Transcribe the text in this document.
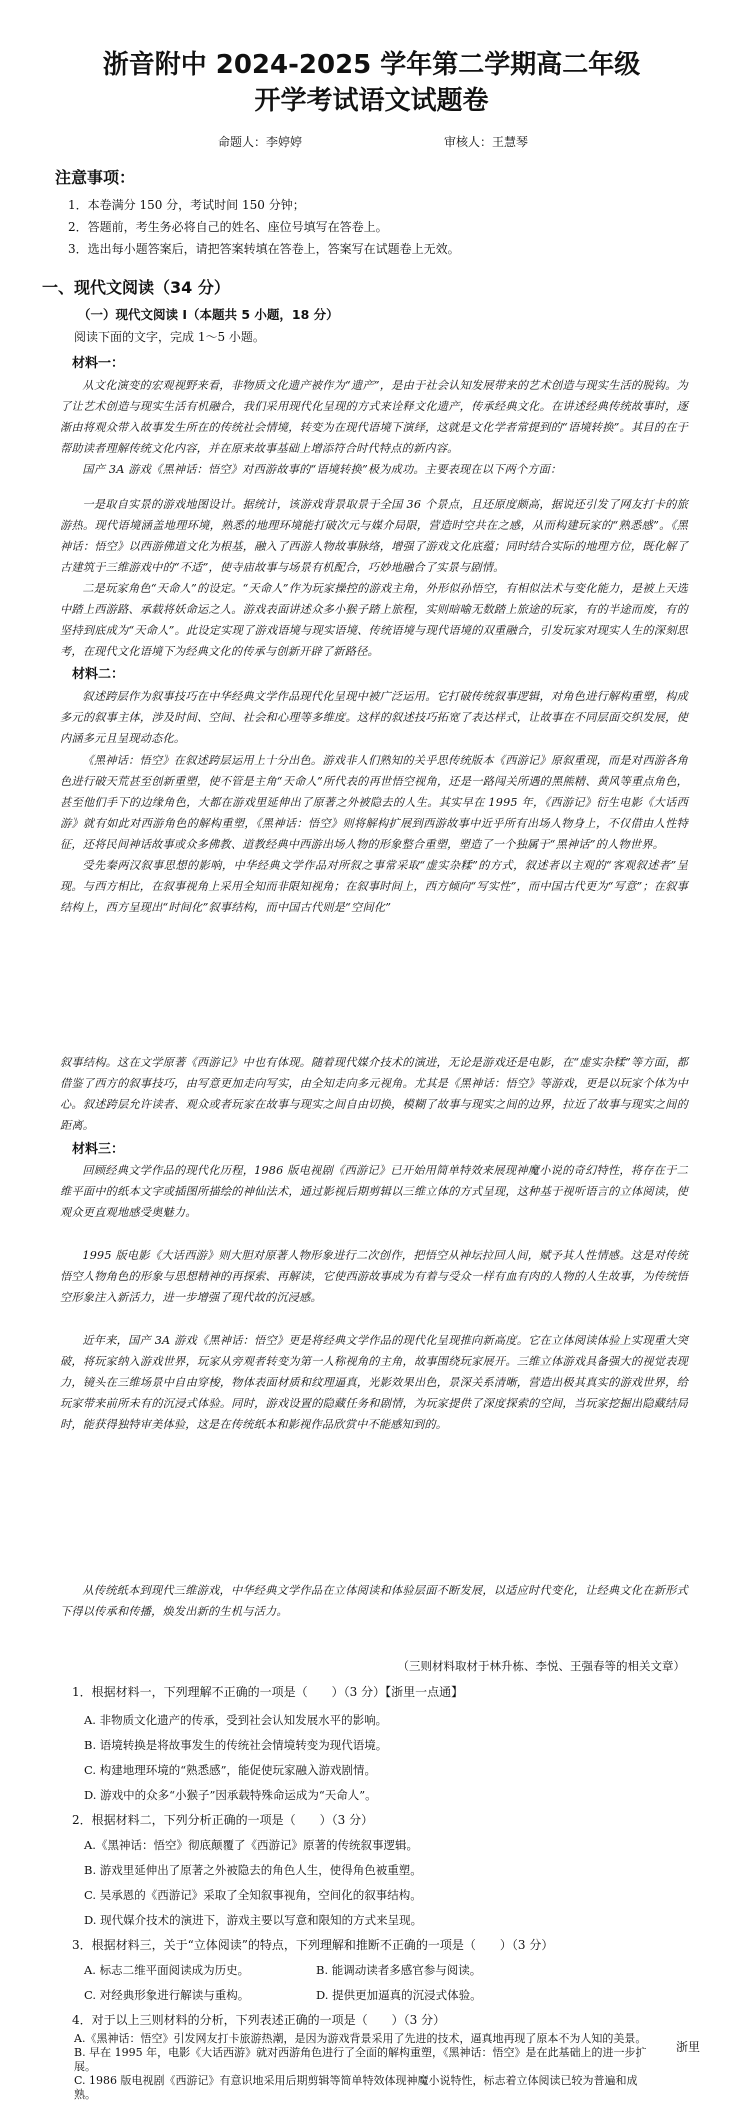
浙音附中 2024-2025 学年第二学期高二年级
开学考试语文试题卷
命题人：李婷婷	审核人：王慧琴
注意事项：
1．本卷满分 150 分，考试时间 150 分钟；
2．答题前，考生务必将自己的姓名、座位号填写在答卷上。
3．选出每小题答案后，请把答案转填在答卷上，答案写在试题卷上无效。
一、现代文阅读（34 分）
（一）现代文阅读 I（本题共 5 小题，18 分）
阅读下面的文字，完成 1～5 小题。
材料一：
从文化演变的宏观视野来看，非物质文化遗产被作为“遗产”，是由于社会认知发展带来的艺术创造与现实生活的脱钩。为了让艺术创造与现实生活有机融合，我们采用现代化呈现的方式来诠释文化遗产，传承经典文化。在讲述经典传统故事时，逐渐由将观众带入故事发生所在的传统社会情境，转变为在现代语境下演绎，这就是文化学者常提到的“语境转换”。其目的在于帮助读者理解传统文化内容，并在原来故事基础上增添符合时代特点的新内容。
国产 3A 游戏《黑神话：悟空》对西游故事的“语境转换”极为成功。主要表现在以下两个方面：
一是取自实景的游戏地图设计。据统计，该游戏背景取景于全国 36 个景点，且还原度颇高，据说还引发了网友打卡的旅游热。现代语境涵盖地理环境，熟悉的地理环境能打破次元与媒介局限，营造时空共在之感，从而构建玩家的“熟悉感”。《黑神话：悟空》以西游佛道文化为根基，融入了西游人物故事脉络，增强了游戏文化底蕴；同时结合实际的地理方位，既化解了古建筑于三维游戏中的“不适”，使寺庙故事与场景有机配合，巧妙地融合了实景与剧情。
二是玩家角色“天命人”的设定。“天命人”作为玩家操控的游戏主角，外形似孙悟空，有相似法术与变化能力，是被上天选中踏上西游路、承载将妖命运之人。游戏表面讲述众多小猴子踏上旅程，实则暗喻无数踏上旅途的玩家，有的半途而废，有的坚持到底成为“天命人”。此设定实现了游戏语境与现实语境、传统语境与现代语境的双重融合，引发玩家对现实人生的深刻思考，在现代文化语境下为经典文化的传承与创新开辟了新路径。
材料二：
叙述跨层作为叙事技巧在中华经典文学作品现代化呈现中被广泛运用。它打破传统叙事逻辑，对角色进行解构重塑，构成多元的叙事主体，涉及时间、空间、社会和心理等多维度。这样的叙述技巧拓宽了表达样式，让故事在不同层面交织发展，使内涵多元且呈现动态化。
《黑神话：悟空》在叙述跨层运用上十分出色。游戏非人们熟知的关乎思传统版本《西游记》原叙重现，而是对西游各角色进行破天荒甚至创新重塑，使不管是主角“天命人”所代表的再世悟空视角，还是一路闯关所遇的黑熊精、黄风等重点角色，甚至他们手下的边缘角色，大都在游戏里延伸出了原著之外被隐去的人生。其实早在 1995 年，《西游记》衍生电影《大话西游》就有如此对西游角色的解构重塑，《黑神话：悟空》则将解构扩展到西游故事中近乎所有出场人物身上，不仅借由人性特征，还将民间神话故事或众多佛教、道教经典中西游出场人物的形象整合重塑，塑造了一个独属于“黑神话”的人物世界。
受先秦两汉叙事思想的影响，中华经典文学作品对所叙之事常采取“虚实杂糅”的方式，叙述者以主观的“客观叙述者”呈现。与西方相比，在叙事视角上采用全知而非限知视角；在叙事时间上，西方倾向“写实性”，而中国古代更为“写意”；在叙事结构上，西方呈现出“时间化”叙事结构，而中国古代则是“空间化”
叙事结构。这在文学原著《西游记》中也有体现。随着现代媒介技术的演进，无论是游戏还是电影，在“虚实杂糅”等方面，都借鉴了西方的叙事技巧，由写意更加走向写实，由全知走向多元视角。尤其是《黑神话：悟空》等游戏，更是以玩家个体为中心。叙述跨层允许读者、观众或者玩家在故事与现实之间自由切换，模糊了故事与现实之间的边界，拉近了故事与现实之间的距离。
材料三：
回顾经典文学作品的现代化历程，1986 版电视剧《西游记》已开始用简单特效来展现神魔小说的奇幻特性，将存在于二维平面中的纸本文字或插图所描绘的神仙法术，通过影视后期剪辑以三维立体的方式呈现，这种基于视听语言的立体阅读，使观众更直观地感受奥魅力。
1995 版电影《大话西游》则大胆对原著人物形象进行二次创作，把悟空从神坛拉回人间，赋予其人性情感。这是对传统悟空人物角色的形象与思想精神的再探索、再解读，它使西游故事成为有着与受众一样有血有肉的人物的人生故事，为传统悟空形象注入新活力，进一步增强了现代故的沉浸感。
近年来，国产 3A 游戏《黑神话：悟空》更是将经典文学作品的现代化呈现推向新高度。它在立体阅读体验上实现重大突破，将玩家纳入游戏世界，玩家从旁观者转变为第一人称视角的主角，故事围绕玩家展开。三维立体游戏具备强大的视觉表现力，镜头在三维场景中自由穿梭，物体表面材质和纹理逼真，光影效果出色，景深关系清晰，营造出极其真实的游戏世界，给玩家带来前所未有的沉浸式体验。同时，游戏设置的隐藏任务和剧情，为玩家提供了深度探索的空间，当玩家挖掘出隐藏结局时，能获得独特审美体验，这是在传统纸本和影视作品欣赏中不能感知到的。
从传统纸本到现代三维游戏，中华经典文学作品在立体阅读和体验层面不断发展，以适应时代变化，让经典文化在新形式下得以传承和传播，焕发出新的生机与活力。
（三则材料取材于林升栋、李悦、王强春等的相关文章）
1．根据材料一，下列理解不正确的一项是（　　）（3 分）【浙里一点通】
A. 非物质文化遗产的传承，受到社会认知发展水平的影响。
B. 语境转换是将故事发生的传统社会情境转变为现代语境。
C. 构建地理环境的“熟悉感”，能促使玩家融入游戏剧情。
D. 游戏中的众多“小猴子”因承载特殊命运成为“天命人”。
2．根据材料二，下列分析正确的一项是（　　）（3 分）
A.《黑神话：悟空》彻底颠覆了《西游记》原著的传统叙事逻辑。
B. 游戏里延伸出了原著之外被隐去的角色人生，使得角色被重塑。
C. 吴承恩的《西游记》采取了全知叙事视角，空间化的叙事结构。
D. 现代媒介技术的演进下，游戏主要以写意和限知的方式来呈现。
3．根据材料三，关于“立体阅读”的特点，下列理解和推断不正确的一项是（　　）（3 分）
A. 标志二维平面阅读成为历史。	B. 能调动读者多感官参与阅读。
C. 对经典形象进行解读与重构。	D. 提供更加逼真的沉浸式体验。
4．对于以上三则材料的分析，下列表述正确的一项是（　　）（3 分）
A.《黑神话：悟空》引发网友打卡旅游热潮，是因为游戏背景采用了先进的技术，逼真地再现了原本不为人知的美景。
B. 早在 1995 年，电影《大话西游》就对西游角色进行了全面的解构重塑，《黑神话：悟空》是在此基础上的进一步扩展。
C. 1986 版电视剧《西游记》有意识地采用后期剪辑等简单特效体现神魔小说特性，标志着立体阅读已较为普遍和成熟。
浙里
